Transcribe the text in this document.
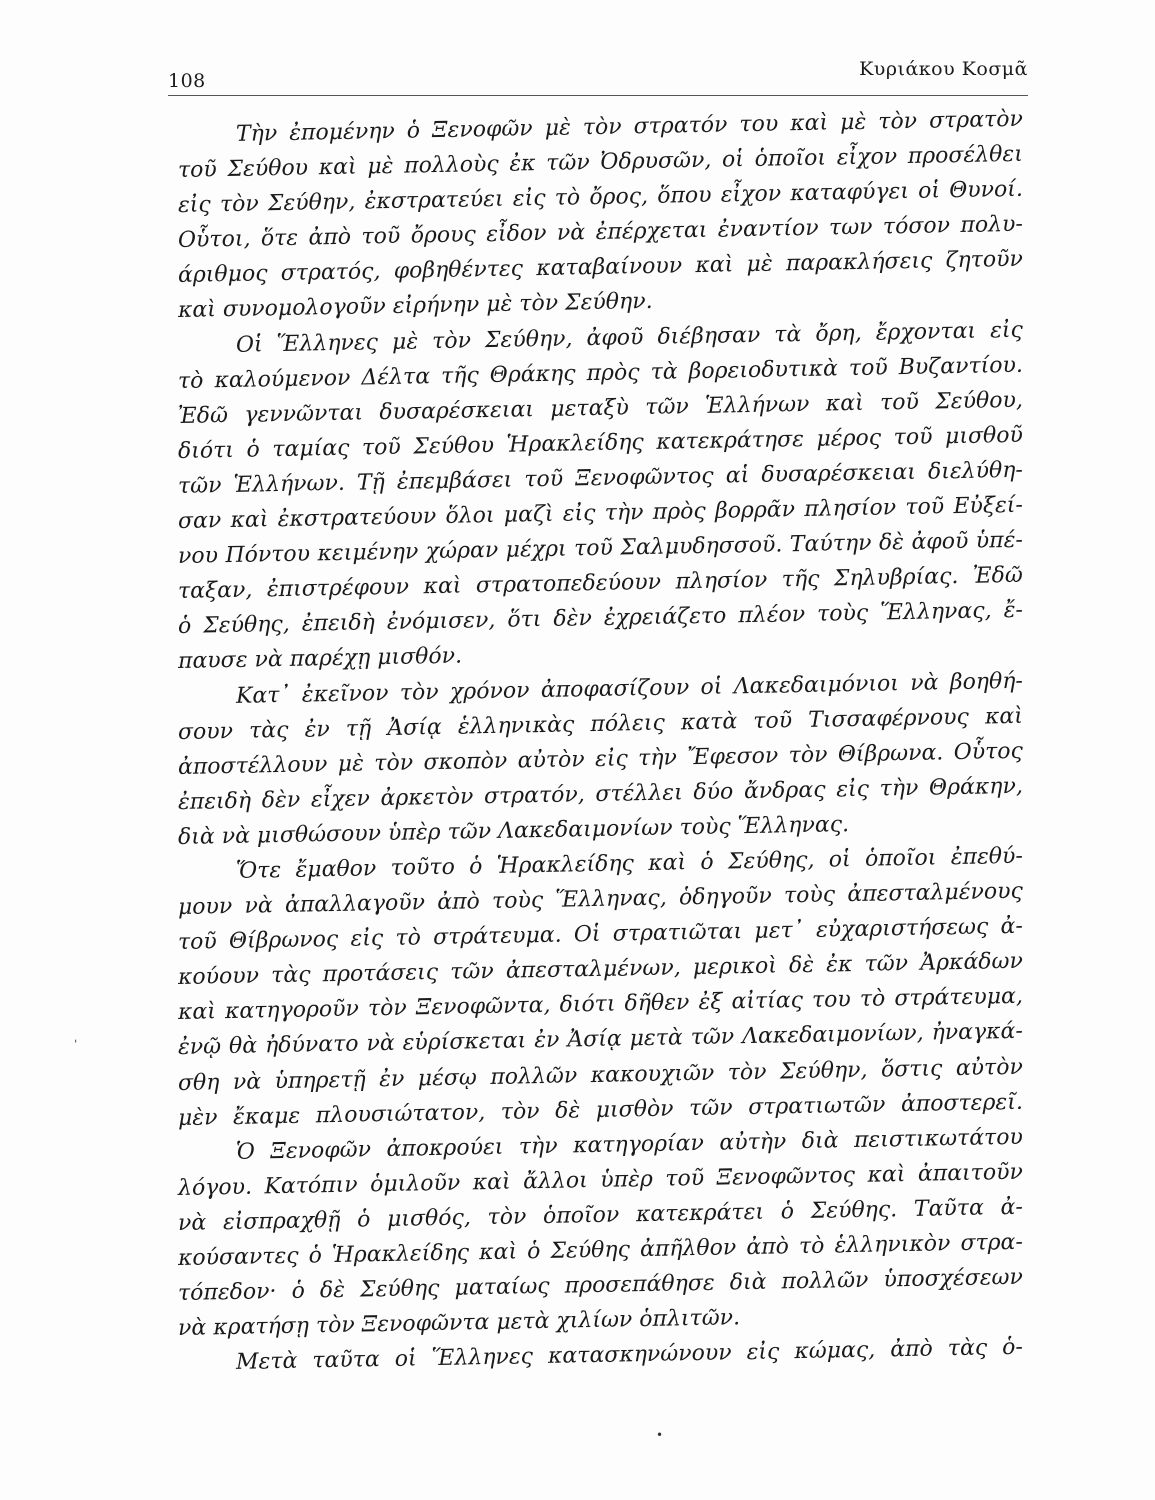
108
Κυριάκου Κοσμᾶ
Τὴν ἐπομένην ὁ Ξενοφῶν μὲ τὸν στρατόν του καὶ μὲ τὸν στρατὸν
τοῦ Σεύθου καὶ μὲ πολλοὺς ἐκ τῶν Ὀδρυσῶν, οἱ ὁποῖοι εἶχον προσέλθει
εἰς τὸν Σεύθην, ἐκστρατεύει εἰς τὸ ὄρος, ὅπου εἶχον καταφύγει οἱ Θυνοί.
Οὗτοι, ὅτε ἀπὸ τοῦ ὄρους εἶδον νὰ ἐπέρχεται ἐναντίον των τόσον πολυ-
άριθμος στρατός, φοβηθέντες καταβαίνουν καὶ μὲ παρακλήσεις ζητοῦν
καὶ συνομολογοῦν εἰρήνην μὲ τὸν Σεύθην.
Οἱ Ἕλληνες μὲ τὸν Σεύθην, ἀφοῦ διέβησαν τὰ ὄρη, ἔρχονται εἰς
τὸ καλούμενον Δέλτα τῆς Θράκης πρὸς τὰ βορειοδυτικὰ τοῦ Βυζαντίου.
Ἐδῶ γεννῶνται δυσαρέσκειαι μεταξὺ τῶν Ἑλλήνων καὶ τοῦ Σεύθου,
διότι ὁ ταμίας τοῦ Σεύθου Ἡρακλείδης κατεκράτησε μέρος τοῦ μισθοῦ
τῶν Ἑλλήνων. Τῇ ἐπεμβάσει τοῦ Ξενοφῶντος αἱ δυσαρέσκειαι διελύθη-
σαν καὶ ἐκστρατεύουν ὅλοι μαζὶ εἰς τὴν πρὸς βορρᾶν πλησίον τοῦ Εὐξεί-
νου Πόντου κειμένην χώραν μέχρι τοῦ Σαλμυδησσοῦ. Ταύτην δὲ ἀφοῦ ὑπέ-
ταξαν, ἐπιστρέφουν καὶ στρατοπεδεύουν πλησίον τῆς Σηλυβρίας. Ἐδῶ
ὁ Σεύθης, ἐπειδὴ ἐνόμισεν, ὅτι δὲν ἐχρειάζετο πλέον τοὺς Ἕλληνας, ἔ-
παυσε νὰ παρέχῃ μισθόν.
Κατ᾽ ἐκεῖνον τὸν χρόνον ἀποφασίζουν οἱ Λακεδαιμόνιοι νὰ βοηθή-
σουν τὰς ἐν τῇ Ἀσίᾳ ἑλληνικὰς πόλεις κατὰ τοῦ Τισσαφέρνους καὶ
ἀποστέλλουν μὲ τὸν σκοπὸν αὐτὸν εἰς τὴν Ἔφεσον τὸν Θίβρωνα. Οὗτος
ἐπειδὴ δὲν εἶχεν ἀρκετὸν στρατόν, στέλλει δύο ἄνδρας εἰς τὴν Θράκην,
διὰ νὰ μισθώσουν ὑπὲρ τῶν Λακεδαιμονίων τοὺς Ἕλληνας.
Ὅτε ἔμαθον τοῦτο ὁ Ἡρακλείδης καὶ ὁ Σεύθης, οἱ ὁποῖοι ἐπεθύ-
μουν νὰ ἀπαλλαγοῦν ἀπὸ τοὺς Ἕλληνας, ὁδηγοῦν τοὺς ἀπεσταλμένους
τοῦ Θίβρωνος εἰς τὸ στράτευμα. Οἱ στρατιῶται μετ᾽ εὐχαριστήσεως ἀ-
κούουν τὰς προτάσεις τῶν ἀπεσταλμένων, μερικοὶ δὲ ἐκ τῶν Ἀρκάδων
καὶ κατηγοροῦν τὸν Ξενοφῶντα, διότι δῆθεν ἐξ αἰτίας του τὸ στράτευμα,
ἐνῷ θὰ ἠδύνατο νὰ εὑρίσκεται ἐν Ἀσίᾳ μετὰ τῶν Λακεδαιμονίων, ἠναγκά-
σθη νὰ ὑπηρετῇ ἐν μέσῳ πολλῶν κακουχιῶν τὸν Σεύθην, ὅστις αὐτὸν
μὲν ἔκαμε πλουσιώτατον, τὸν δὲ μισθὸν τῶν στρατιωτῶν ἀποστερεῖ.
Ὁ Ξενοφῶν ἀποκρούει τὴν κατηγορίαν αὐτὴν διὰ πειστικωτάτου
λόγου. Κατόπιν ὁμιλοῦν καὶ ἄλλοι ὑπὲρ τοῦ Ξενοφῶντος καὶ ἀπαιτοῦν
νὰ εἰσπραχθῇ ὁ μισθός, τὸν ὁποῖον κατεκράτει ὁ Σεύθης. Ταῦτα ἀ-
κούσαντες ὁ Ἡρακλείδης καὶ ὁ Σεύθης ἀπῆλθον ἀπὸ τὸ ἑλληνικὸν στρα-
τόπεδον· ὁ δὲ Σεύθης ματαίως προσεπάθησε διὰ πολλῶν ὑποσχέσεων
νὰ κρατήσῃ τὸν Ξενοφῶντα μετὰ χιλίων ὁπλιτῶν.
Μετὰ ταῦτα οἱ Ἕλληνες κατασκηνώνουν εἰς κώμας, ἀπὸ τὰς ὁ-
ˌ
•
